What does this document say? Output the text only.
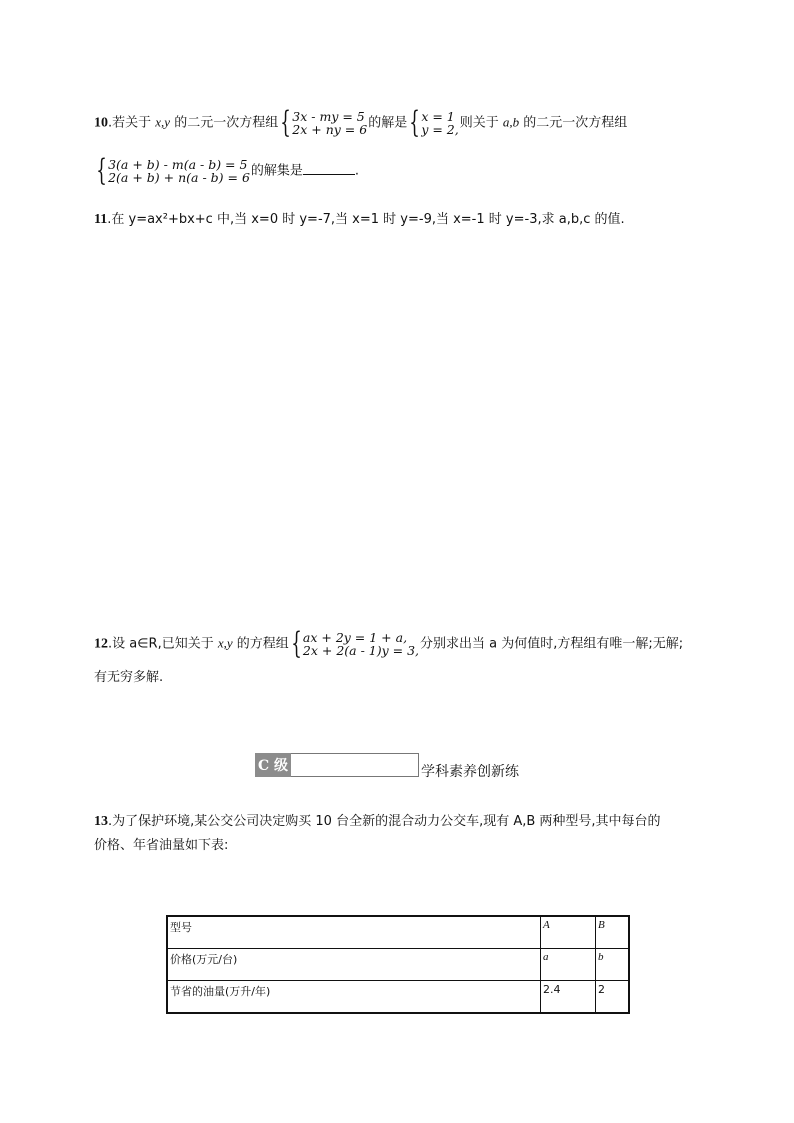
10.若关于 x,y 的二元一次方程组 { 3x - my = 5
2x + ny = 6 的解是 { x = 1
y = 2, 则关于 a,b 的二元一次方程组
{ 3(a + b) - m(a - b) = 5
2(a + b) + n(a - b) = 6 的解集是	.
11.在 y=ax²+bx+c 中,当 x=0 时 y=-7,当 x=1 时 y=-9,当 x=-1 时 y=-3,求 a,b,c 的值.
12.设 a∈R,已知关于 x,y 的方程组 { ax + 2y = 1 + a,
2x + 2(a - 1)y = 3, 分别求出当 a 为何值时,方程组有唯一解;无解;
有无穷多解.
C 级	学科素养创新练
13.为了保护环境,某公交公司决定购买 10 台全新的混合动力公交车,现有 A,B 两种型号,其中每台的
价格、年省油量如下表:
型号	A	B
价格(万元/台)	a	b
节省的油量(万升/年)	2.4	2
